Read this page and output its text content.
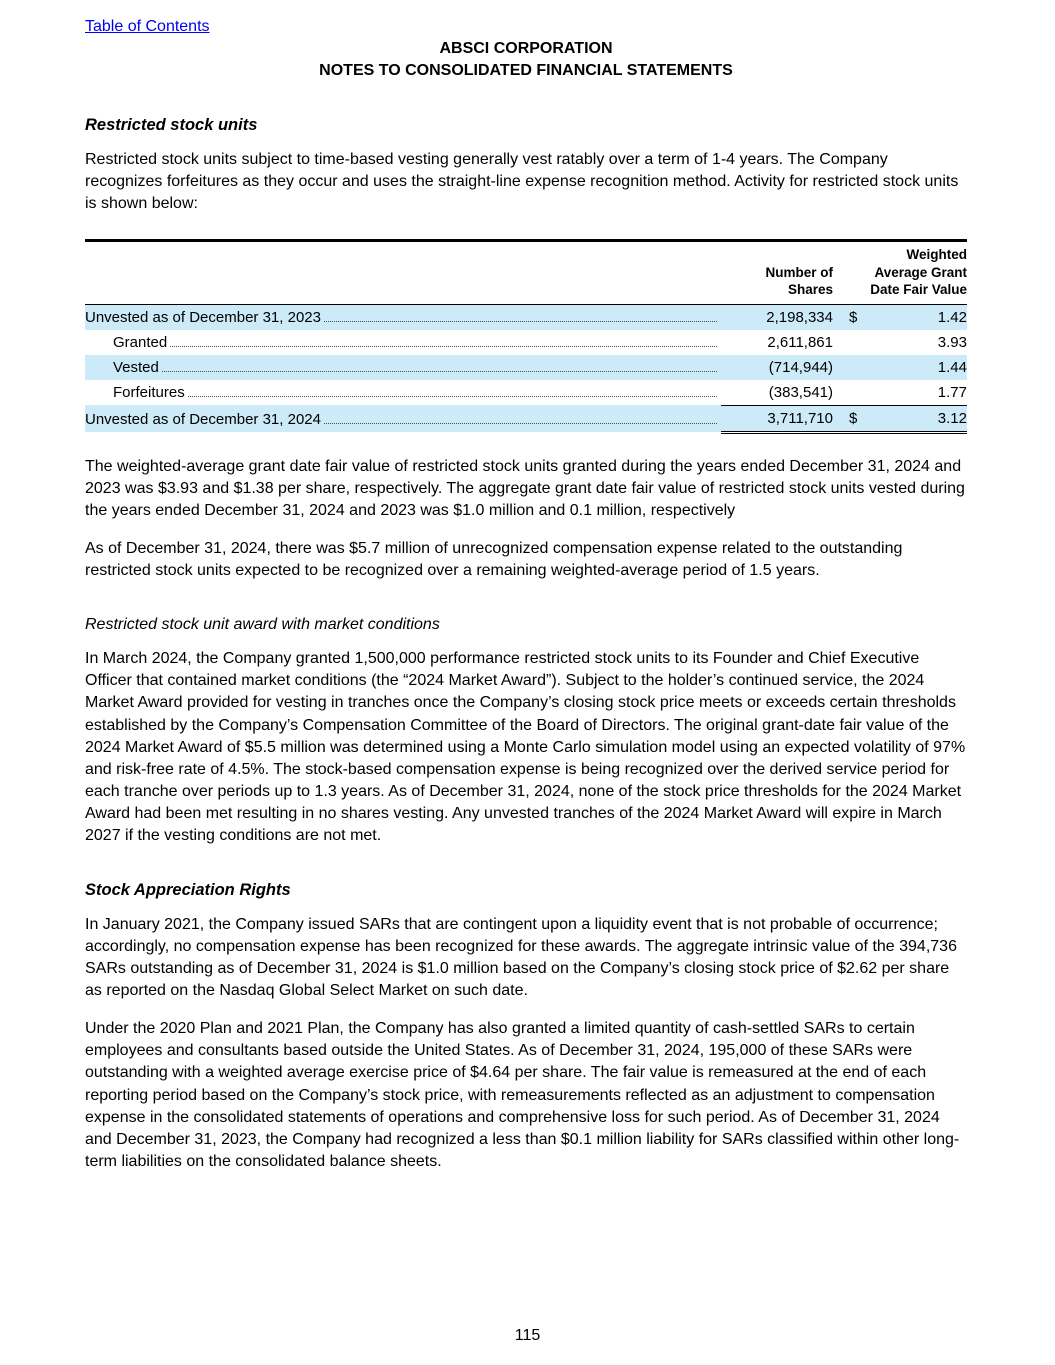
Table of Contents
ABSCI CORPORATION
NOTES TO CONSOLIDATED FINANCIAL STATEMENTS
Restricted stock units

Restricted stock units subject to time-based vesting generally vest ratably over a term of 1-4 years. The Company recognizes forfeitures as they occur and uses the straight-line expense recognition method. Activity for restricted stock units is shown below:

	Number of Shares		Weighted Average Grant Date Fair Value	

Unvested as of December 31, 2023	2,198,334		$	1.42

Granted	2,611,861			3.93

Vested	(714,944)			1.44

Forfeitures	(383,541)			1.77

Unvested as of December 31, 2024	3,711,710		$	3.12

The weighted-average grant date fair value of restricted stock units granted during the years ended December 31, 2024 and 2023 was $3.93 and $1.38 per share, respectively. The aggregate grant date fair value of restricted stock units vested during the years ended December 31, 2024 and 2023 was $1.0 million and 0.1 million, respectively

As of December 31, 2024, there was $5.7 million of unrecognized compensation expense related to the outstanding restricted stock units expected to be recognized over a remaining weighted-average period of 1.5 years.

Restricted stock unit award with market conditions

In March 2024, the Company granted 1,500,000 performance restricted stock units to its Founder and Chief Executive Officer that contained market conditions (the “2024 Market Award”). Subject to the holder’s continued service, the 2024 Market Award provided for vesting in tranches once the Company’s closing stock price meets or exceeds certain thresholds established by the Company’s Compensation Committee of the Board of Directors. The original grant-date fair value of the 2024 Market Award of $5.5 million was determined using a Monte Carlo simulation model using an expected volatility of 97% and risk-free rate of 4.5%. The stock-based compensation expense is being recognized over the derived service period for each tranche over periods up to 1.3 years. As of December 31, 2024, none of the stock price thresholds for the 2024 Market Award had been met resulting in no shares vesting. Any unvested tranches of the 2024 Market Award will expire in March 2027 if the vesting conditions are not met.

Stock Appreciation Rights

In January 2021, the Company issued SARs that are contingent upon a liquidity event that is not probable of occurrence; accordingly, no compensation expense has been recognized for these awards. The aggregate intrinsic value of the 394,736 SARs outstanding as of December 31, 2024 is $1.0 million based on the Company’s closing stock price of $2.62 per share as reported on the Nasdaq Global Select Market on such date.

Under the 2020 Plan and 2021 Plan, the Company has also granted a limited quantity of cash-settled SARs to certain employees and consultants based outside the United States. As of December 31, 2024, 195,000 of these SARs were outstanding with a weighted average exercise price of $4.64 per share. The fair value is remeasured at the end of each reporting period based on the Company’s stock price, with remeasurements reflected as an adjustment to compensation expense in the consolidated statements of operations and comprehensive loss for such period. As of December 31, 2024 and December 31, 2023, the Company had recognized a less than $0.1 million liability for SARs classified within other long-term liabilities on the consolidated balance sheets.

115
